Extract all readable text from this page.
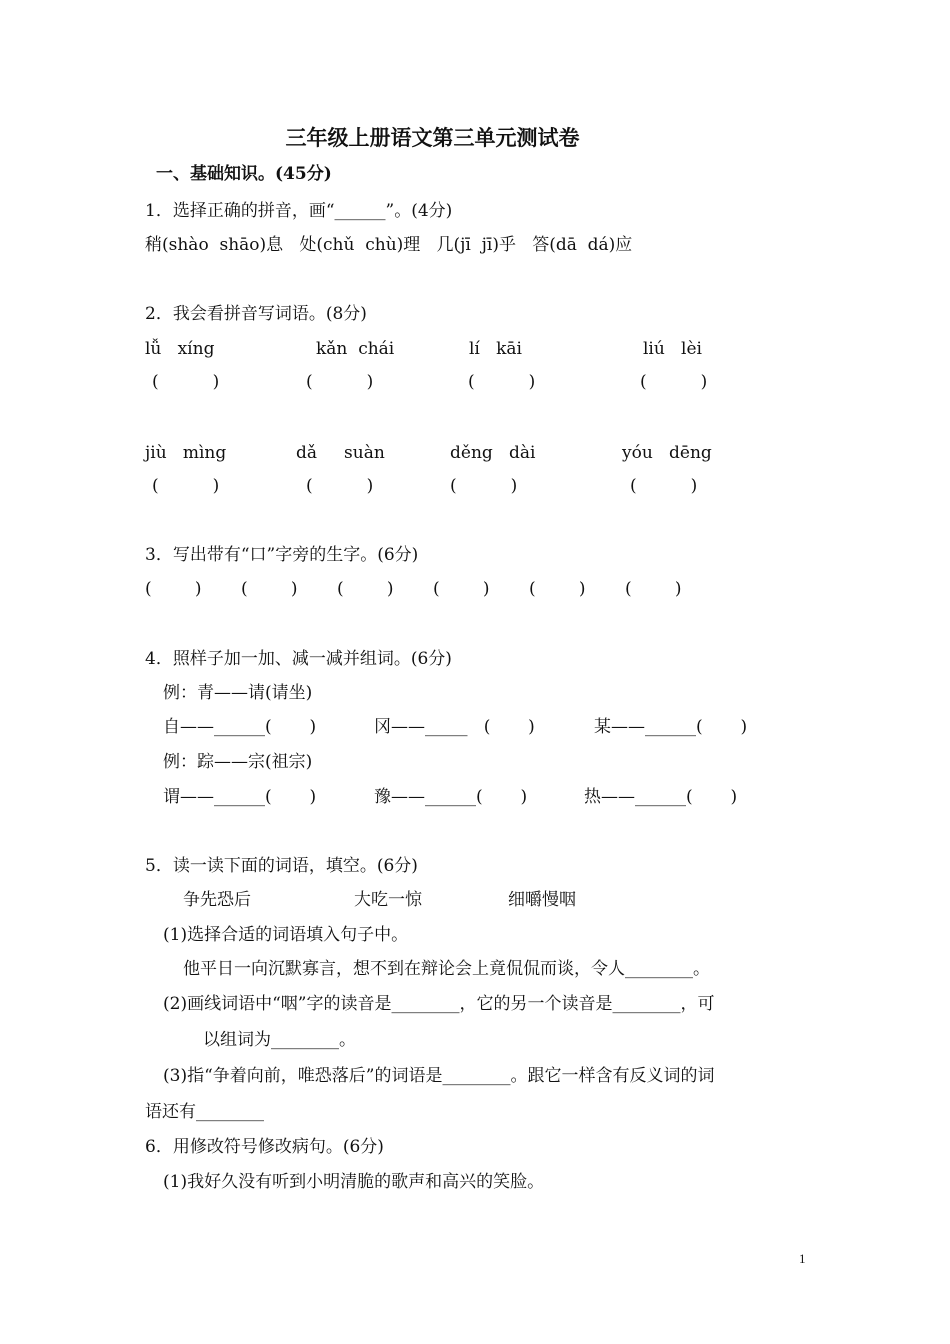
三年级上册语文第三单元测试卷
一、基础知识。(45分)
1．选择正确的拼音，画“______”。(4分)
稍(shào  shāo)息   处(chǔ  chù)理   几(jī  jī)乎   答(dā  dá)应
2．我会看拼音写词语。(8分)
lǚ   xíng	kǎn  chái	lí   kāi	liú   lèi
(          )	(          )	(          )	(          )
jiù   mìng	dǎ     suàn	děng   dài	yóu   dēng
(          )	(          )	(          )	(          )
3．写出带有“口”字旁的生字。(6分)
(        ) (        ) (        ) (        ) (        ) (        )
4．照样子加一加、减一减并组词。(6分)
例：青——请(请坐)
自——______(       )	冈——_____   (       )	某——______(       )
例：踪——宗(祖宗)
谓——______(       )	豫——______(       )	热——______(       )
5．读一读下面的词语，填空。(6分)
争先恐后	大吃一惊	细嚼慢咽
(1)选择合适的词语填入句子中。
他平日一向沉默寡言，想不到在辩论会上竟侃侃而谈，令人________。
(2)画线词语中“咽”字的读音是________，它的另一个读音是________，可
以组词为________。
(3)指“争着向前，唯恐落后”的词语是________。跟它一样含有反义词的词
语还有________
6．用修改符号修改病句。(6分)
(1)我好久没有听到小明清脆的歌声和高兴的笑脸。
1
